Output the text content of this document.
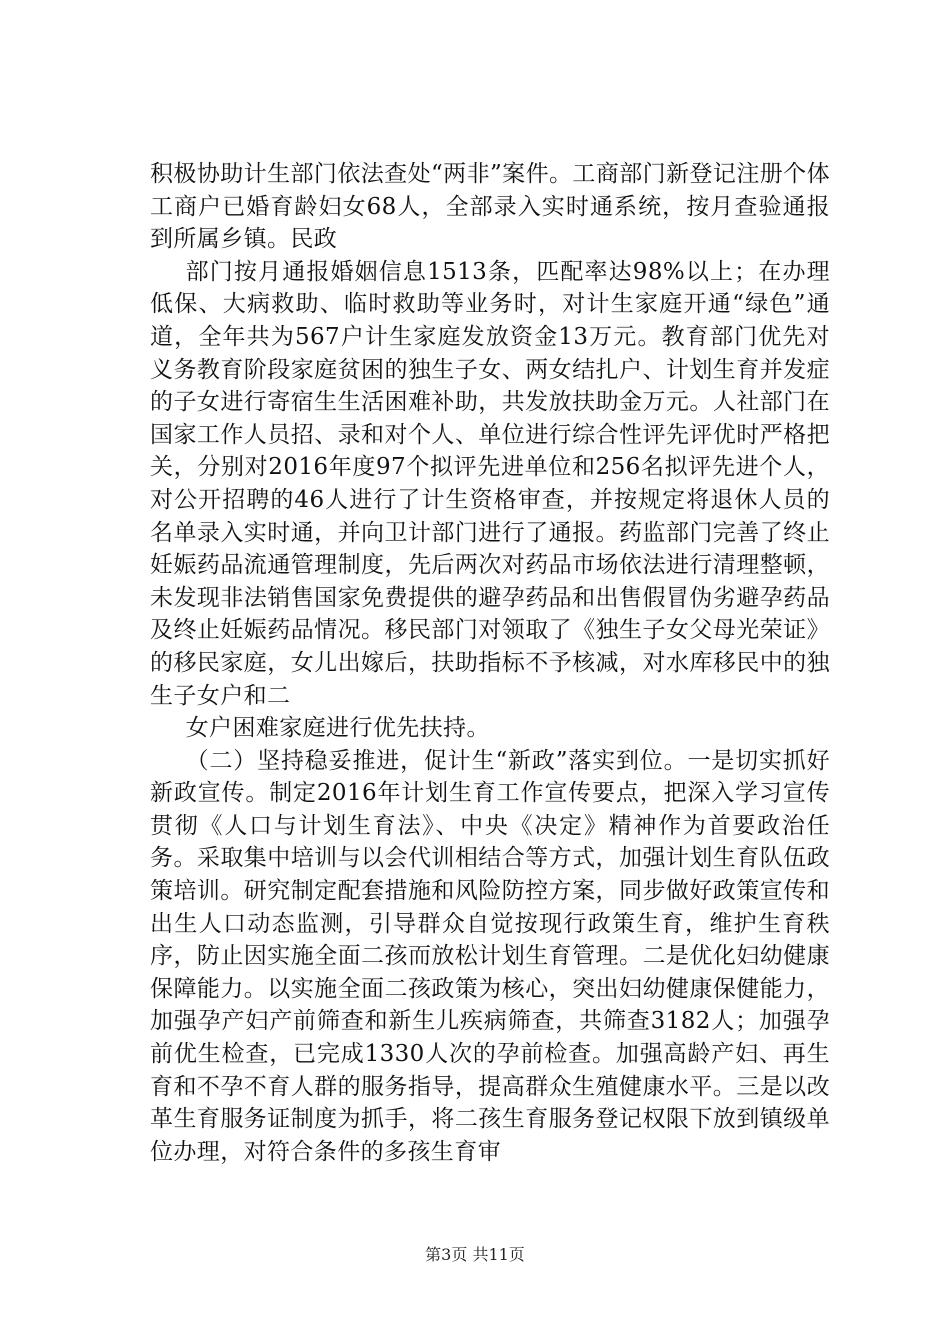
积极协助计生部门依法查处“两非”案件。工商部门新登记注册个体工商户已婚育龄妇女68人，全部录入实时通系统，按月查验通报到所属乡镇。民政

部门按月通报婚姻信息1513条，匹配率达98%以上；在办理低保、大病救助、临时救助等业务时，对计生家庭开通“绿色”通道，全年共为567户计生家庭发放资金13万元。教育部门优先对义务教育阶段家庭贫困的独生子女、两女结扎户、计划生育并发症的子女进行寄宿生生活困难补助，共发放扶助金万元。人社部门在国家工作人员招、录和对个人、单位进行综合性评先评优时严格把关，分别对2016年度97个拟评先进单位和256名拟评先进个人，对公开招聘的46人进行了计生资格审查，并按规定将退休人员的名单录入实时通，并向卫计部门进行了通报。药监部门完善了终止妊娠药品流通管理制度，先后两次对药品市场依法进行清理整顿，未发现非法销售国家免费提供的避孕药品和出售假冒伪劣避孕药品及终止妊娠药品情况。移民部门对领取了《独生子女父母光荣证》的移民家庭，女儿出嫁后，扶助指标不予核减，对水库移民中的独生子女户和二

女户困难家庭进行优先扶持。

（二）坚持稳妥推进，促计生“新政”落实到位。一是切实抓好新政宣传。制定2016年计划生育工作宣传要点，把深入学习宣传贯彻《人口与计划生育法》、中央《决定》精神作为首要政治任务。采取集中培训与以会代训相结合等方式，加强计划生育队伍政策培训。研究制定配套措施和风险防控方案，同步做好政策宣传和出生人口动态监测，引导群众自觉按现行政策生育，维护生育秩序，防止因实施全面二孩而放松计划生育管理。二是优化妇幼健康保障能力。以实施全面二孩政策为核心，突出妇幼健康保健能力，加强孕产妇产前筛查和新生儿疾病筛查，共筛查3182人；加强孕前优生检查，已完成1330人次的孕前检查。加强高龄产妇、再生育和不孕不育人群的服务指导，提高群众生殖健康水平。三是以改革生育服务证制度为抓手，将二孩生育服务登记权限下放到镇级单位办理，对符合条件的多孩生育审

第3页 共11页
